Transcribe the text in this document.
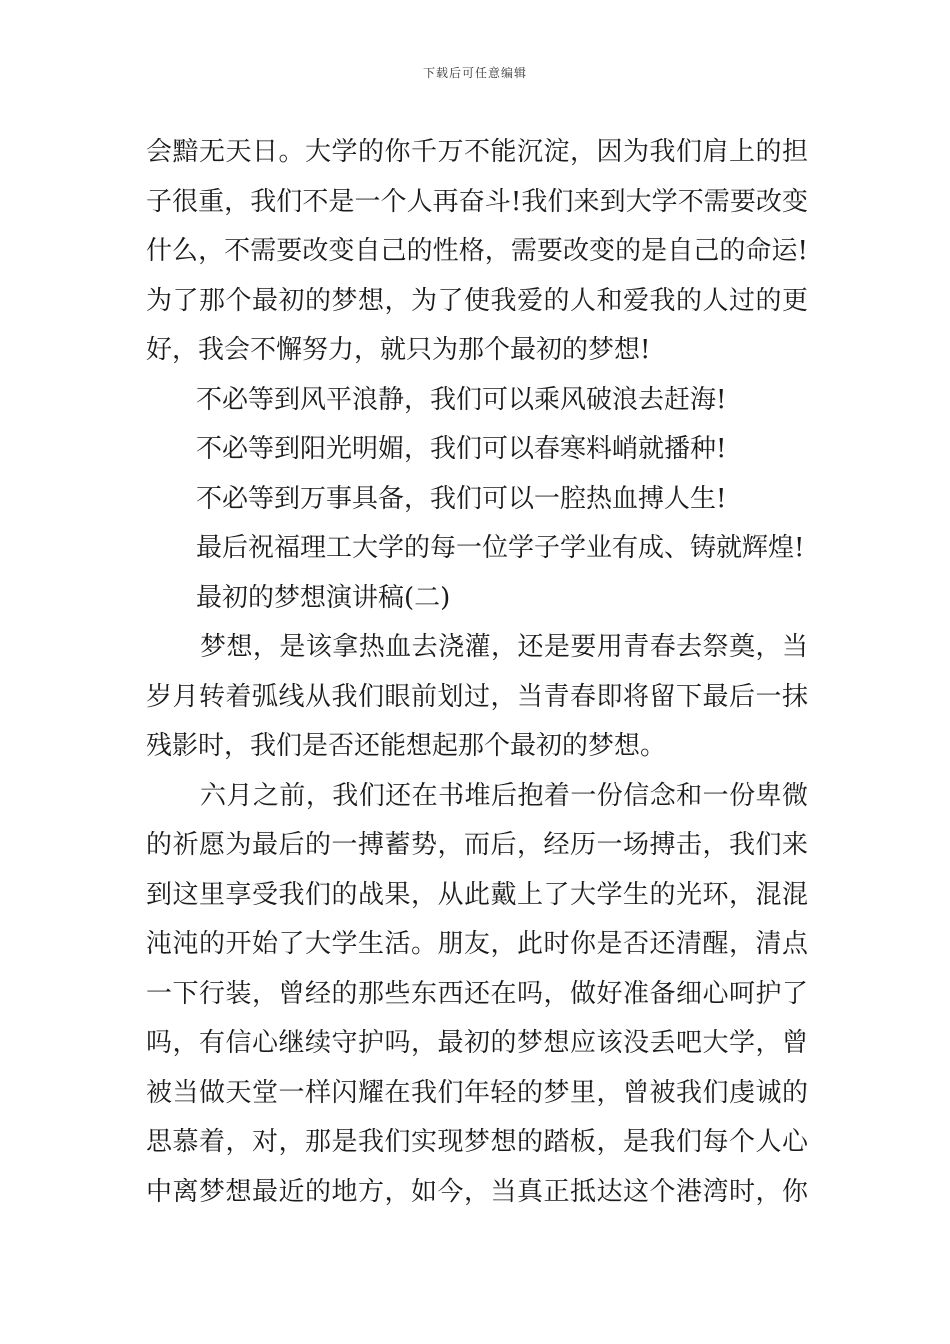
下载后可任意编辑
会黯无天日。大学的你千万不能沉淀，因为我们肩上的担
子很重，我们不是一个人再奋斗!我们来到大学不需要改变
什么，不需要改变自己的性格，需要改变的是自己的命运!
为了那个最初的梦想，为了使我爱的人和爱我的人过的更
好，我会不懈努力，就只为那个最初的梦想!
不必等到风平浪静，我们可以乘风破浪去赶海!
不必等到阳光明媚，我们可以春寒料峭就播种!
不必等到万事具备，我们可以一腔热血搏人生!
最后祝福理工大学的每一位学子学业有成、铸就辉煌!
最初的梦想演讲稿(二)
梦想，是该拿热血去浇灌，还是要用青春去祭奠，当
岁月转着弧线从我们眼前划过，当青春即将留下最后一抹
残影时，我们是否还能想起那个最初的梦想。
六月之前，我们还在书堆后抱着一份信念和一份卑微
的祈愿为最后的一搏蓄势，而后，经历一场搏击，我们来
到这里享受我们的战果，从此戴上了大学生的光环，混混
沌沌的开始了大学生活。朋友，此时你是否还清醒，清点
一下行装，曾经的那些东西还在吗，做好准备细心呵护了
吗，有信心继续守护吗，最初的梦想应该没丢吧大学，曾
被当做天堂一样闪耀在我们年轻的梦里，曾被我们虔诚的
思慕着，对，那是我们实现梦想的踏板，是我们每个人心
中离梦想最近的地方，如今，当真正抵达这个港湾时，你
